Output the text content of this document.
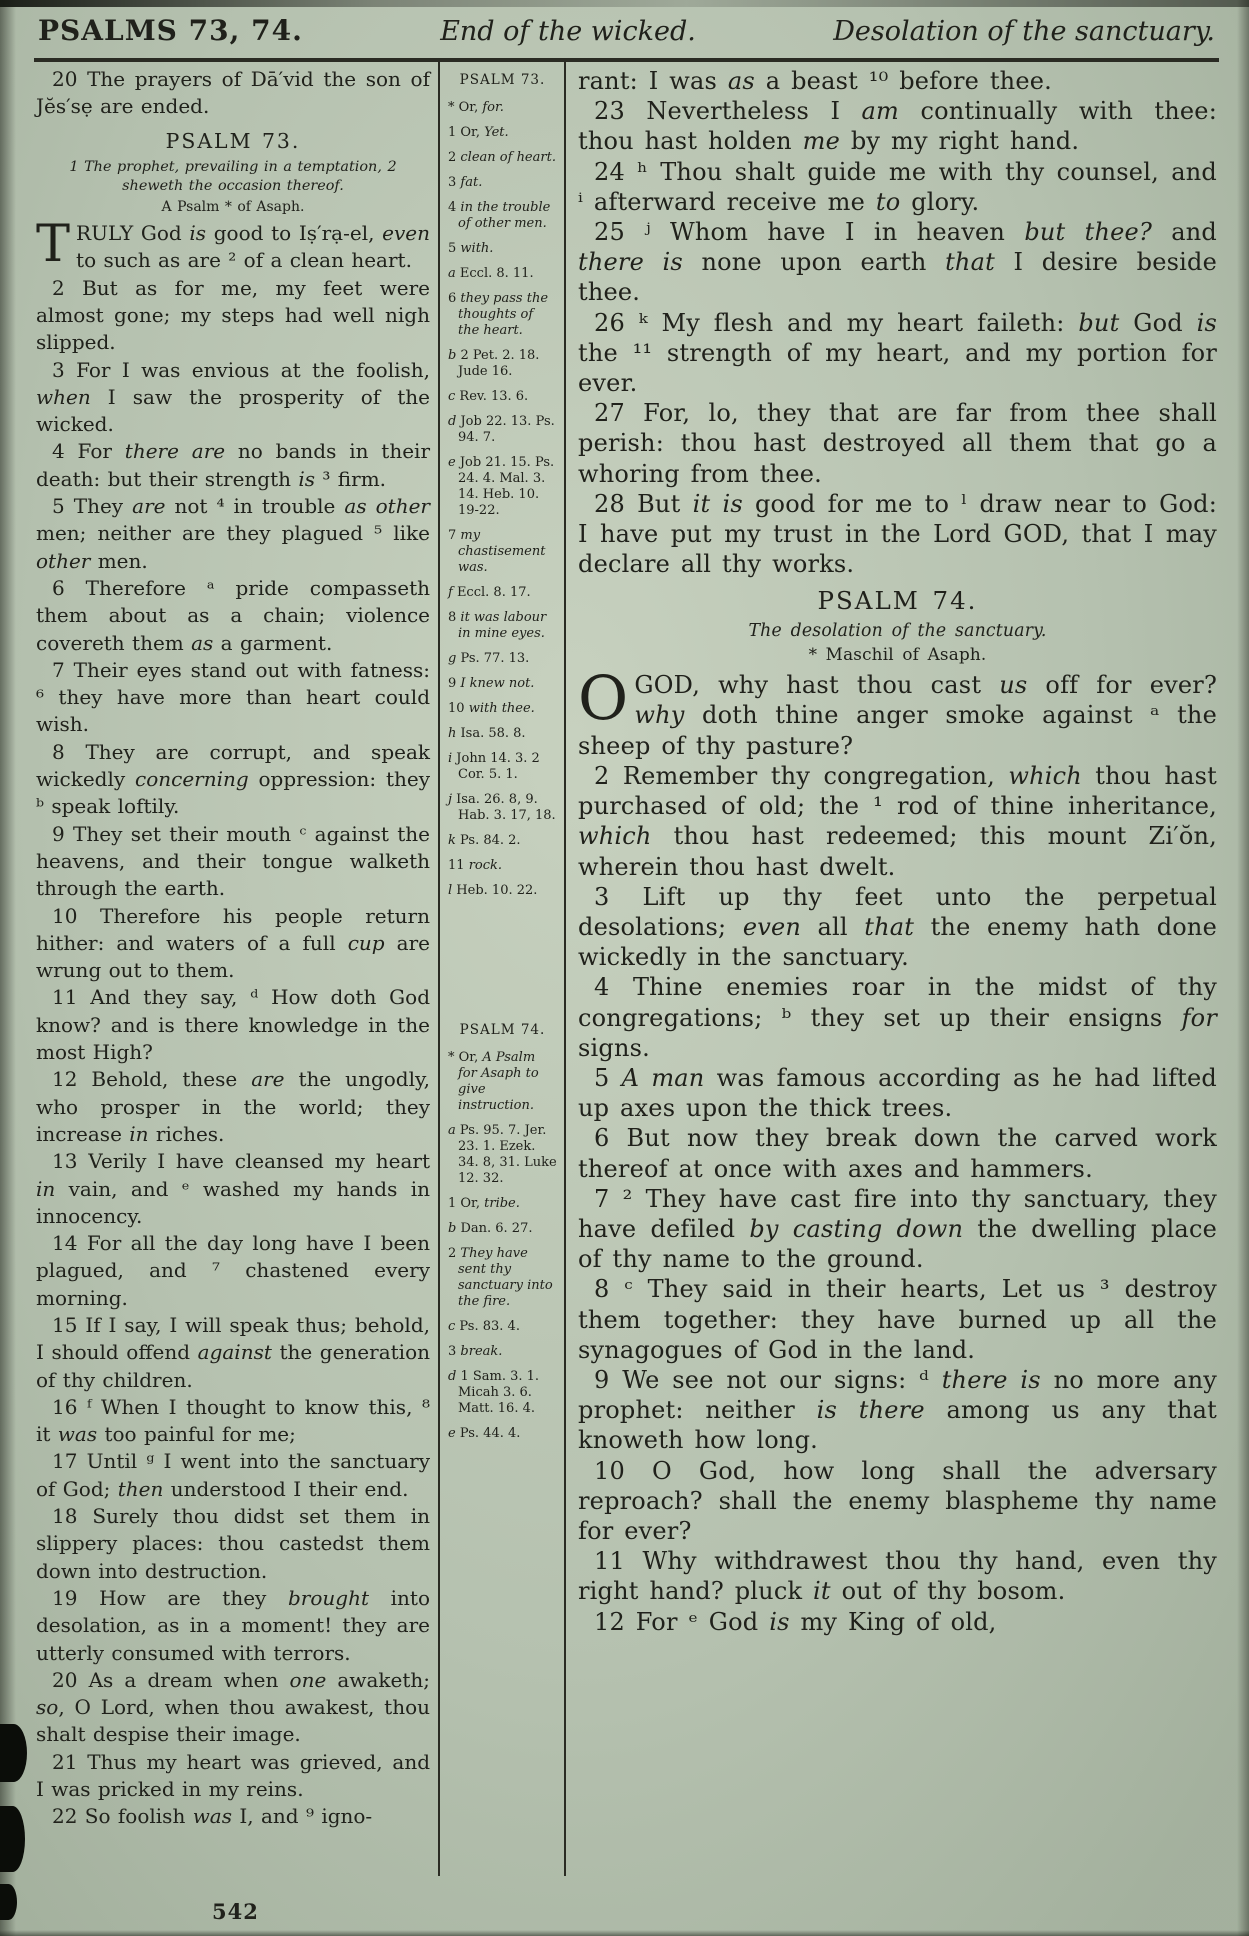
PSALMS 73, 74.	End of the wicked.	Desolation of the sanctuary.

20 The prayers of Dā′vid the son of Jĕs′sẹ are ended.

PSALM 73.

1 The prophet, prevailing in a temptation, 2 sheweth the occasion thereof.

A Psalm * of Asaph.

TRULY God is good to Iṣ′rạ-el, even to such as are ² of a clean heart.

2 But as for me, my feet were almost gone; my steps had well nigh slipped.

3 For I was envious at the foolish, when I saw the prosperity of the wicked.

4 For there are no bands in their death: but their strength is ³ firm.

5 They are not ⁴ in trouble as other men; neither are they plagued ⁵ like other men.

6 Therefore ᵃ pride compasseth them about as a chain; violence covereth them as a garment.

7 Their eyes stand out with fatness: ⁶ they have more than heart could wish.

8 They are corrupt, and speak wickedly concerning oppression: they ᵇ speak loftily.

9 They set their mouth ᶜ against the heavens, and their tongue walketh through the earth.

10 Therefore his people return hither: and waters of a full cup are wrung out to them.

11 And they say, ᵈ How doth God know? and is there knowledge in the most High?

12 Behold, these are the ungodly, who prosper in the world; they increase in riches.

13 Verily I have cleansed my heart in vain, and ᵉ washed my hands in innocency.

14 For all the day long have I been plagued, and ⁷ chastened every morning.

15 If I say, I will speak thus; behold, I should offend against the generation of thy children.

16 ᶠ When I thought to know this, ⁸ it was too painful for me;

17 Until ᵍ I went into the sanctuary of God; then understood I their end.

18 Surely thou didst set them in slippery places: thou castedst them down into destruction.

19 How are they brought into desolation, as in a moment! they are utterly consumed with terrors.

20 As a dream when one awaketh; so, O Lord, when thou awakest, thou shalt despise their image.

21 Thus my heart was grieved, and I was pricked in my reins.

22 So foolish was I, and ⁹ igno-

PSALM 73.

* Or, for.

1 Or, Yet.

2 clean of heart.

3 fat.

4 in the trouble of other men.

5 with.

a Eccl. 8. 11.

6 they pass the thoughts of the heart.

b 2 Pet. 2. 18. Jude 16.

c Rev. 13. 6.

d Job 22. 13. Ps. 94. 7.

e Job 21. 15. Ps. 24. 4. Mal. 3. 14. Heb. 10. 19-22.

7 my chastisement was.

f Eccl. 8. 17.

8 it was labour in mine eyes.

g Ps. 77. 13.

9 I knew not.

10 with thee.

h Isa. 58. 8.

i John 14. 3. 2 Cor. 5. 1.

j Isa. 26. 8, 9. Hab. 3. 17, 18.

k Ps. 84. 2.

11 rock.

l Heb. 10. 22.

PSALM 74.

* Or, A Psalm for Asaph to give instruction.

a Ps. 95. 7. Jer. 23. 1. Ezek. 34. 8, 31. Luke 12. 32.

1 Or, tribe.

b Dan. 6. 27.

2 They have sent thy sanctuary into the fire.

c Ps. 83. 4.

3 break.

d 1 Sam. 3. 1. Micah 3. 6. Matt. 16. 4.

e Ps. 44. 4.

rant: I was as a beast ¹⁰ before thee.

23 Nevertheless I am continually with thee: thou hast holden me by my right hand.

24 ʰ Thou shalt guide me with thy counsel, and ⁱ afterward receive me to glory.

25 ʲ Whom have I in heaven but thee? and there is none upon earth that I desire beside thee.

26 ᵏ My flesh and my heart faileth: but God is the ¹¹ strength of my heart, and my portion for ever.

27 For, lo, they that are far from thee shall perish: thou hast destroyed all them that go a whoring from thee.

28 But it is good for me to ˡ draw near to God: I have put my trust in the Lord GOD, that I may declare all thy works.

PSALM 74.

The desolation of the sanctuary.

* Maschil of Asaph.

OGOD, why hast thou cast us off for ever? why doth thine anger smoke against ᵃ the sheep of thy pasture?

2 Remember thy congregation, which thou hast purchased of old; the ¹ rod of thine inheritance, which thou hast redeemed; this mount Zi′ŏn, wherein thou hast dwelt.

3 Lift up thy feet unto the perpetual desolations; even all that the enemy hath done wickedly in the sanctuary.

4 Thine enemies roar in the midst of thy congregations; ᵇ they set up their ensigns for signs.

5 A man was famous according as he had lifted up axes upon the thick trees.

6 But now they break down the carved work thereof at once with axes and hammers.

7 ² They have cast fire into thy sanctuary, they have defiled by casting down the dwelling place of thy name to the ground.

8 ᶜ They said in their hearts, Let us ³ destroy them together: they have burned up all the synagogues of God in the land.

9 We see not our signs: ᵈ there is no more any prophet: neither is there among us any that knoweth how long.

10 O God, how long shall the adversary reproach? shall the enemy blaspheme thy name for ever?

11 Why withdrawest thou thy hand, even thy right hand? pluck it out of thy bosom.

12 For ᵉ God is my King of old,

542
